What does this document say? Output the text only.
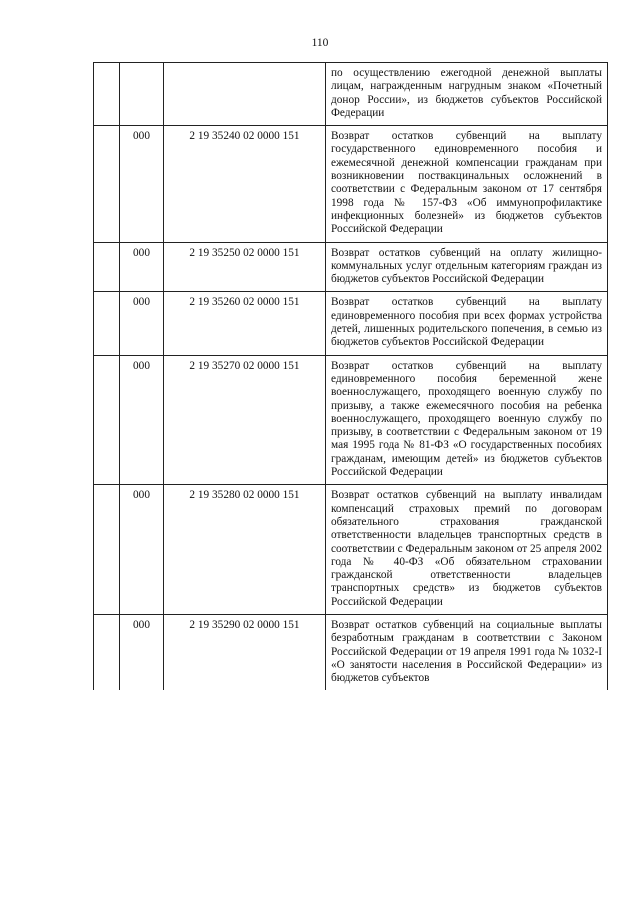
110
			по осуществлению ежегодной денежной выплаты лицам, награжденным нагрудным знаком «Почетный донор России», из бюджетов субъектов Российской Федерации
	000	2 19 35240 02 0000 151	Возврат остатков субвенций на выплату государственного единовременного пособия и ежемесячной денежной компенсации гражданам при возникновении поствакцинальных осложнений в соответствии с Федеральным законом от 17 сентября 1998 года № 157-ФЗ «Об иммунопрофилактике инфекционных болезней» из бюджетов субъектов Российской Федерации
	000	2 19 35250 02 0000 151	Возврат остатков субвенций на оплату жилищно-коммунальных услуг отдельным категориям граждан из бюджетов субъектов Российской Федерации
	000	2 19 35260 02 0000 151	Возврат остатков субвенций на выплату единовременного пособия при всех формах устройства детей, лишенных родительского попечения, в семью из бюджетов субъектов Российской Федерации
	000	2 19 35270 02 0000 151	Возврат остатков субвенций на выплату единовременного пособия беременной жене военнослужащего, проходящего военную службу по призыву, а также ежемесячного пособия на ребенка военнослужащего, проходящего военную службу по призыву, в соответствии с Федеральным законом от 19 мая 1995 года № 81-ФЗ «О государственных пособиях гражданам, имеющим детей» из бюджетов субъектов Российской Федерации
	000	2 19 35280 02 0000 151	Возврат остатков субвенций на выплату инвалидам компенсаций страховых премий по договорам обязательного страхования гражданской ответственности владельцев транспортных средств в соответствии с Федеральным законом от 25 апреля 2002 года № 40-ФЗ «Об обязательном страховании гражданской ответственности владельцев транспортных средств» из бюджетов субъектов Российской Федерации
	000	2 19 35290 02 0000 151	Возврат остатков субвенций на социальные выплаты безработным гражданам в соответствии с Законом Российской Федерации от 19 апреля 1991 года № 1032-I «О занятости населения в Российской Федерации» из бюджетов субъектов
